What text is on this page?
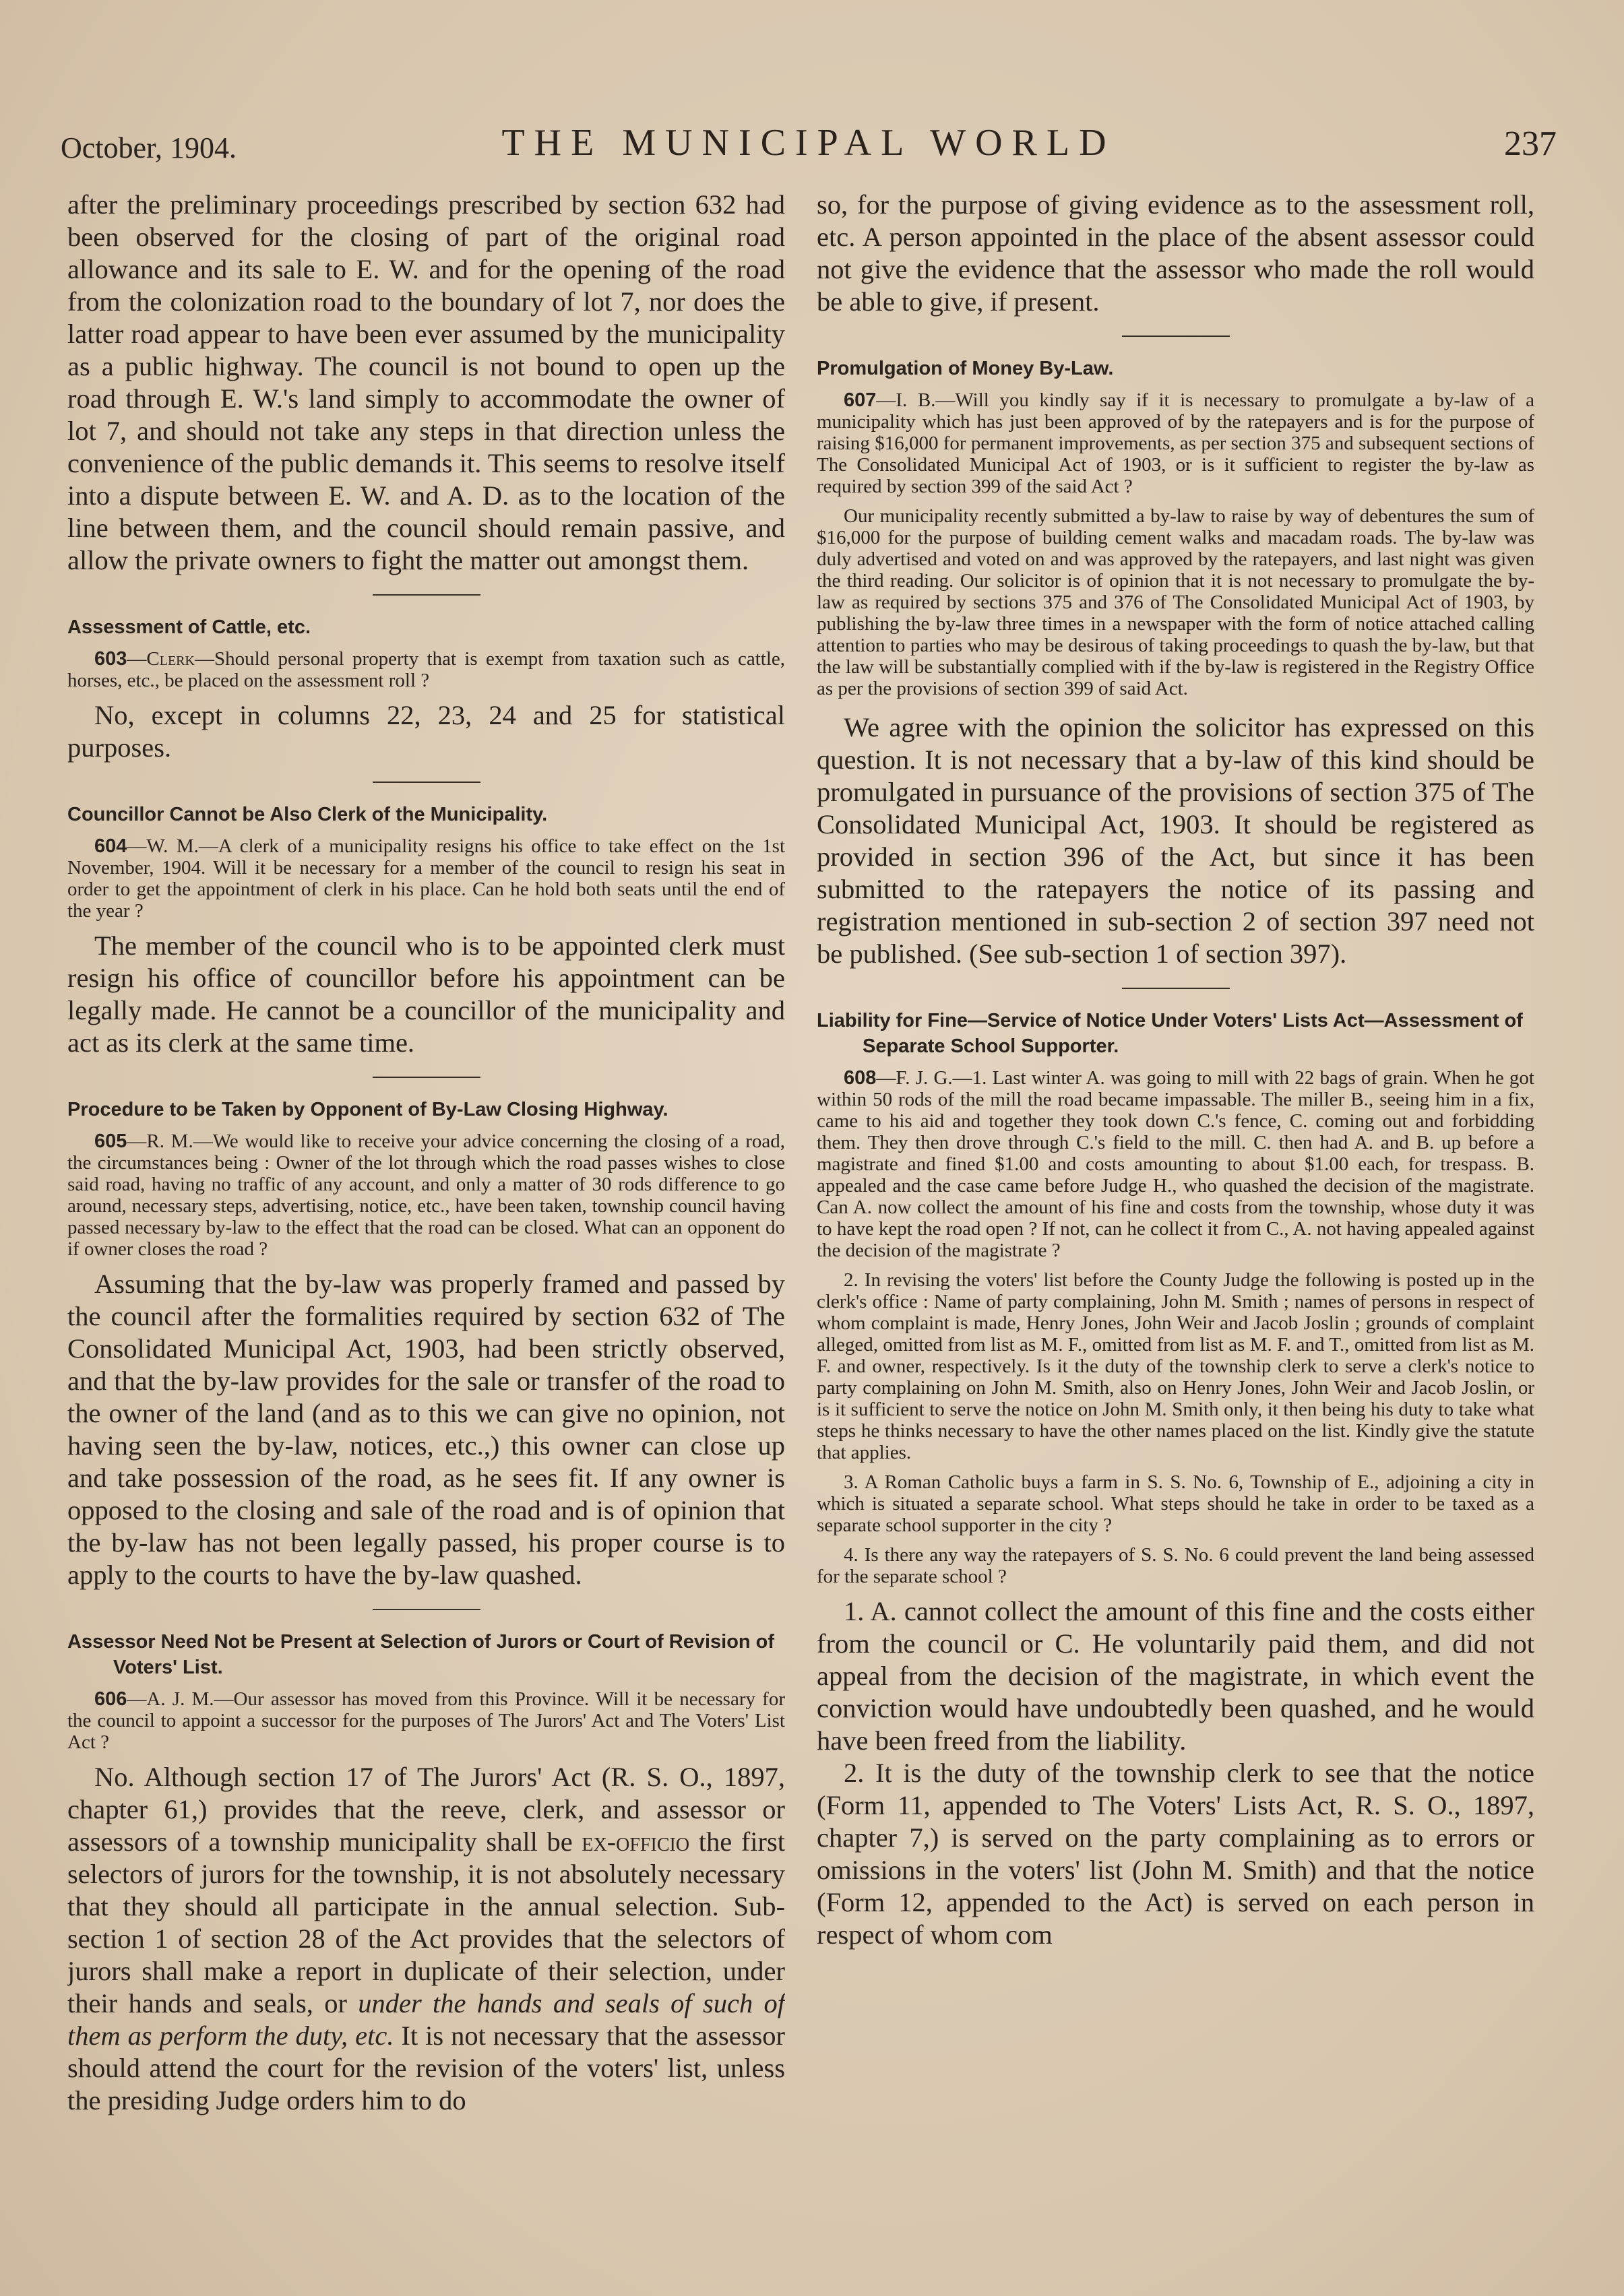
October, 1904.	THE MUNICIPAL WORLD	237

after the preliminary proceedings prescribed by section 632 had been observed for the closing of part of the original road allowance and its sale to E. W. and for the opening of the road from the colonization road to the boundary of lot 7, nor does the latter road appear to have been ever assumed by the municipality as a public highway. The council is not bound to open up the road through E. W.'s land simply to accommodate the owner of lot 7, and should not take any steps in that direction unless the convenience of the public demands it. This seems to resolve itself into a dispute between E. W. and A. D. as to the location of the line between them, and the council should remain passive, and allow the private owners to fight the matter out amongst them.

Assessment of Cattle, etc.

603—Clerk—Should personal property that is exempt from taxation such as cattle, horses, etc., be placed on the assessment roll ?

No, except in columns 22, 23, 24 and 25 for statistical purposes.

Councillor Cannot be Also Clerk of the Municipality.

604—W. M.—A clerk of a municipality resigns his office to take effect on the 1st November, 1904. Will it be necessary for a member of the council to resign his seat in order to get the appointment of clerk in his place. Can he hold both seats until the end of the year ?

The member of the council who is to be appointed clerk must resign his office of councillor before his appointment can be legally made. He cannot be a councillor of the municipality and act as its clerk at the same time.

Procedure to be Taken by Opponent of By-Law Closing Highway.

605—R. M.—We would like to receive your advice concerning the closing of a road, the circumstances being : Owner of the lot through which the road passes wishes to close said road, having no traffic of any account, and only a matter of 30 rods difference to go around, necessary steps, advertising, notice, etc., have been taken, township council having passed necessary by-law to the effect that the road can be closed. What can an opponent do if owner closes the road ?

Assuming that the by-law was properly framed and passed by the council after the formalities required by section 632 of The Consolidated Municipal Act, 1903, had been strictly observed, and that the by-law provides for the sale or transfer of the road to the owner of the land (and as to this we can give no opinion, not having seen the by-law, notices, etc.,) this owner can close up and take possession of the road, as he sees fit. If any owner is opposed to the closing and sale of the road and is of opinion that the by-law has not been legally passed, his proper course is to apply to the courts to have the by-law quashed.

Assessor Need Not be Present at Selection of Jurors or Court of Revision of Voters' List.

606—A. J. M.—Our assessor has moved from this Province. Will it be necessary for the council to appoint a successor for the purposes of The Jurors' Act and The Voters' List Act ?

No. Although section 17 of The Jurors' Act (R. S. O., 1897, chapter 61,) provides that the reeve, clerk, and assessor or assessors of a township municipality shall be ex-officio the first selectors of jurors for the township, it is not absolutely necessary that they should all participate in the annual selection. Sub-section 1 of section 28 of the Act provides that the selectors of jurors shall make a report in duplicate of their selection, under their hands and seals, or under the hands and seals of such of them as perform the duty, etc. It is not necessary that the assessor should attend the court for the revision of the voters' list, unless the presiding Judge orders him to do

so, for the purpose of giving evidence as to the assessment roll, etc. A person appointed in the place of the absent assessor could not give the evidence that the assessor who made the roll would be able to give, if present.

Promulgation of Money By-Law.

607—I. B.—Will you kindly say if it is necessary to promulgate a by-law of a municipality which has just been approved of by the ratepayers and is for the purpose of raising $16,000 for permanent improvements, as per section 375 and subsequent sections of The Consolidated Municipal Act of 1903, or is it sufficient to register the by-law as required by section 399 of the said Act ?

Our municipality recently submitted a by-law to raise by way of debentures the sum of $16,000 for the purpose of building cement walks and macadam roads. The by-law was duly advertised and voted on and was approved by the ratepayers, and last night was given the third reading. Our solicitor is of opinion that it is not necessary to promulgate the by-law as required by sections 375 and 376 of The Consolidated Municipal Act of 1903, by publishing the by-law three times in a newspaper with the form of notice attached calling attention to parties who may be desirous of taking proceedings to quash the by-law, but that the law will be substantially complied with if the by-law is registered in the Registry Office as per the provisions of section 399 of said Act.

We agree with the opinion the solicitor has expressed on this question. It is not necessary that a by-law of this kind should be promulgated in pursuance of the provisions of section 375 of The Consolidated Municipal Act, 1903. It should be registered as provided in section 396 of the Act, but since it has been submitted to the ratepayers the notice of its passing and registration mentioned in sub-section 2 of section 397 need not be published. (See sub-section 1 of section 397).

Liability for Fine—Service of Notice Under Voters' Lists Act—Assessment of Separate School Supporter.

608—F. J. G.—1. Last winter A. was going to mill with 22 bags of grain. When he got within 50 rods of the mill the road became impassable. The miller B., seeing him in a fix, came to his aid and together they took down C.'s fence, C. coming out and forbidding them. They then drove through C.'s field to the mill. C. then had A. and B. up before a magistrate and fined $1.00 and costs amounting to about $1.00 each, for trespass. B. appealed and the case came before Judge H., who quashed the decision of the magistrate. Can A. now collect the amount of his fine and costs from the township, whose duty it was to have kept the road open ? If not, can he collect it from C., A. not having appealed against the decision of the magistrate ?

2. In revising the voters' list before the County Judge the following is posted up in the clerk's office : Name of party complaining, John M. Smith ; names of persons in respect of whom complaint is made, Henry Jones, John Weir and Jacob Joslin ; grounds of complaint alleged, omitted from list as M. F., omitted from list as M. F. and T., omitted from list as M. F. and owner, respectively. Is it the duty of the township clerk to serve a clerk's notice to party complaining on John M. Smith, also on Henry Jones, John Weir and Jacob Joslin, or is it sufficient to serve the notice on John M. Smith only, it then being his duty to take what steps he thinks necessary to have the other names placed on the list. Kindly give the statute that applies.

3. A Roman Catholic buys a farm in S. S. No. 6, Township of E., adjoining a city in which is situated a separate school. What steps should he take in order to be taxed as a separate school supporter in the city ?

4. Is there any way the ratepayers of S. S. No. 6 could prevent the land being assessed for the separate school ?

1. A. cannot collect the amount of this fine and the costs either from the council or C. He voluntarily paid them, and did not appeal from the decision of the magistrate, in which event the conviction would have undoubtedly been quashed, and he would have been freed from the liability.

2. It is the duty of the township clerk to see that the notice (Form 11, appended to The Voters' Lists Act, R. S. O., 1897, chapter 7,) is served on the party complaining as to errors or omissions in the voters' list (John M. Smith) and that the notice (Form 12, appended to the Act) is served on each person in respect of whom com
